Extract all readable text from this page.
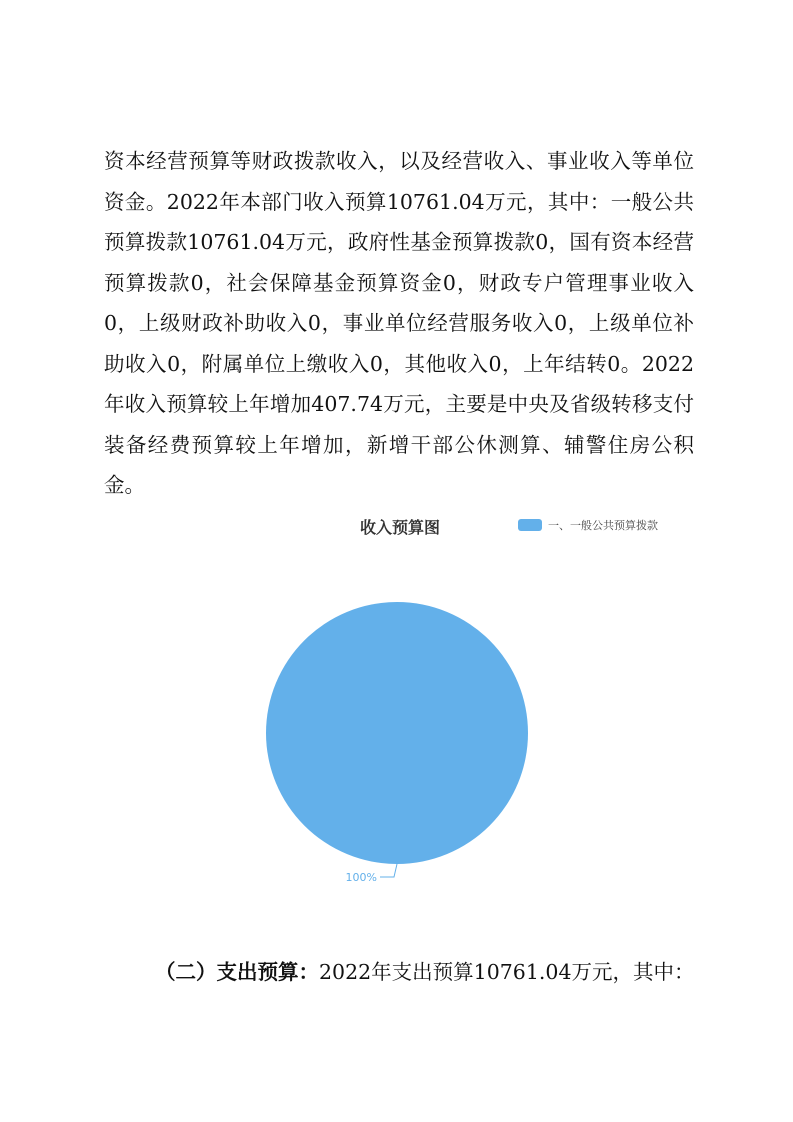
资本经营预算等财政拨款收入，以及经营收入、事业收入等单位资金。2022年本部门收入预算10761.04万元，其中：一般公共预算拨款10761.04万元，政府性基金预算拨款0，国有资本经营预算拨款0，社会保障基金预算资金0，财政专户管理事业收入0，上级财政补助收入0，事业单位经营服务收入0，上级单位补助收入0，附属单位上缴收入0，其他收入0，上年结转0。2022年收入预算较上年增加407.74万元，主要是中央及省级转移支付装备经费预算较上年增加，新增干部公休测算、辅警住房公积金。

收入预算图	一、一般公共预算拨款
100%

（二）支出预算：2022年支出预算10761.04万元，其中：
